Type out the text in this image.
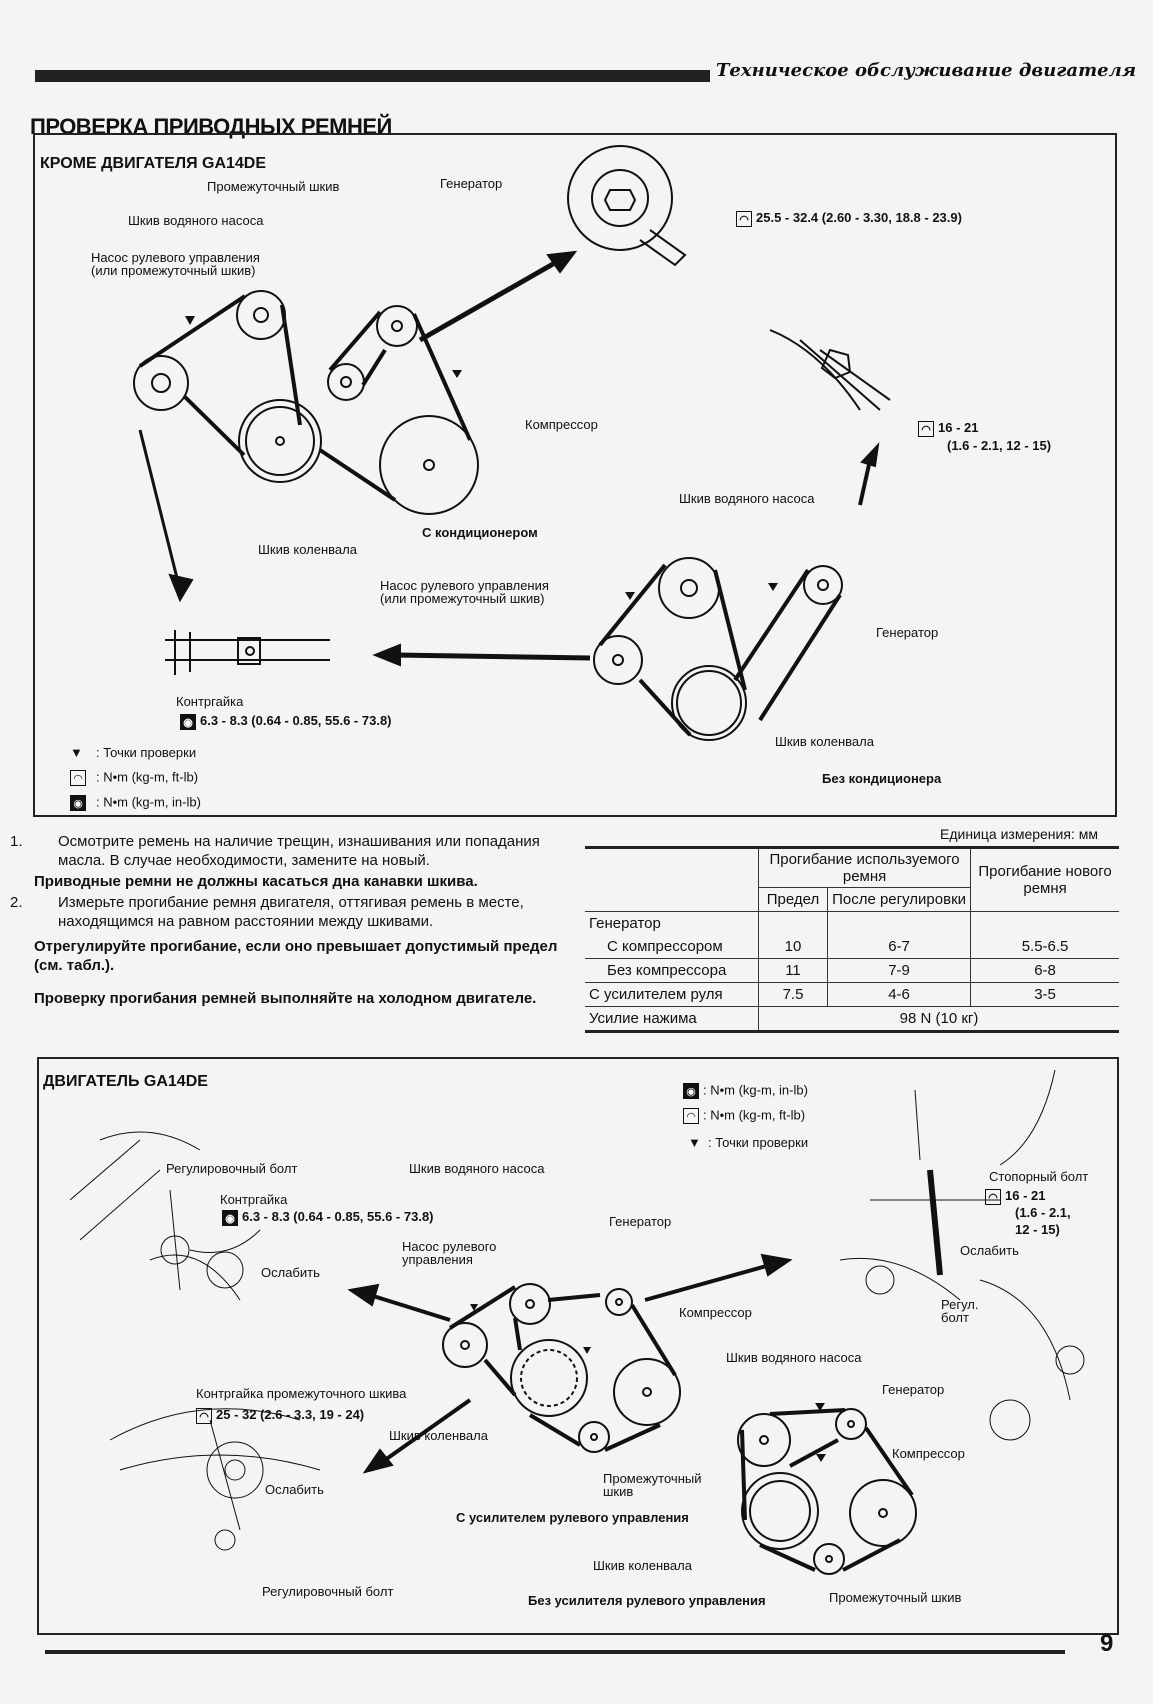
Техническое обслуживание двигателя
ПРОВЕРКА ПРИВОДНЫХ РЕМНЕЙ
КРОМЕ ДВИГАТЕЛЯ GA14DE
Промежуточный шкив	Генератор
Шкив водяного насоса
Насос рулевого управления
(или промежуточный шкив)
Компрессор
Шкив коленвала
С кондиционером
◠ 25.5 - 32.4 (2.60 - 3.30, 18.8 - 23.9)
◠ 16 - 21
(1.6 - 2.1, 12 - 15)
Шкив водяного насоса
Насос рулевого управления
(или промежуточный шкив)
Генератор
Шкив коленвала
Без кондиционера
Контргайка
◉ 6.3 - 8.3 (0.64 - 0.85, 55.6 - 73.8)
▼ : Точки проверки
◠ : N•m (kg-m, ft-lb)
◉ : N•m (kg-m, in-lb)

1. Осмотрите ремень на наличие трещин, изнашивания или попадания масла. В случае необходимости, замените на новый.

Приводные ремни не должны касаться дна канавки шкива.

2. Измерьте прогибание ремня двигателя, оттягивая ремень в месте, находящимся на равном расстоянии между шкивами.

Отрегулируйте прогибание, если оно превышает допустимый предел (см. табл.).

Проверку прогибания ремней выполняйте на холодном двигателе.

Единица измерения: мм
	Прогибание используемого ремня		Прогибание нового ремня
	Предел	После регулировки	
Генератор			
С компрессором	10	6-7	5.5-6.5
Без компрессора	11	7-9	6-8
С усилителем руля	7.5	4-6	3-5
Усилие нажима	98 N (10 кг)		
ДВИГАТЕЛЬ GA14DE
◉ : N•m (kg-m, in-lb)
◠ : N•m (kg-m, ft-lb)
▼ : Точки проверки
Регулировочный болт
Контргайка
◉ 6.3 - 8.3 (0.64 - 0.85, 55.6 - 73.8)
Ослабить
Шкив водяного насоса
Генератор
Насос рулевого
управления
Компрессор
Стопорный болт
◠ 16 - 21
(1.6 - 2.1,
12 - 15)
Ослабить
Регул.
болт
Контргайка промежуточного шкива
◠ 25 - 32 (2.6 - 3.3, 19 - 24)
Шкив коленвала
Ослабить
Промежуточный
шкив
С усилителем рулевого управления
Регулировочный болт
Шкив водяного насоса
Генератор
Компрессор
Шкив коленвала
Без усилителя рулевого управления	Промежуточный шкив
9
